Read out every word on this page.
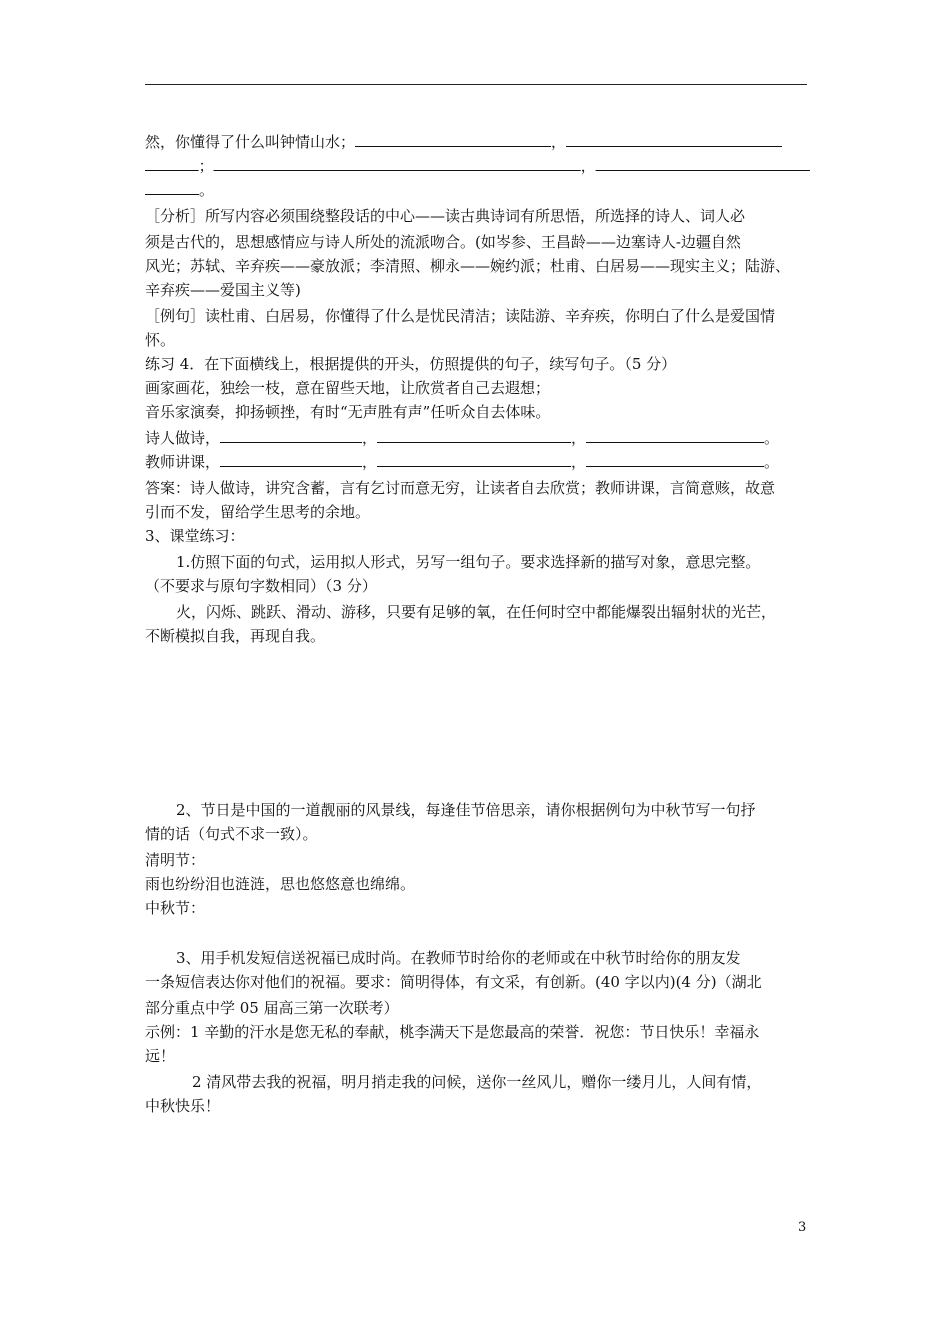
然，你懂得了什么叫钟情山水；	，
；	，
。
［分析］所写内容必须围绕整段话的中心——读古典诗词有所思悟，所选择的诗人、词人必
须是古代的，思想感情应与诗人所处的流派吻合。(如岑参、王昌龄——边塞诗人-边疆自然
风光；苏轼、辛弃疾——豪放派；李清照、柳永——婉约派；杜甫、白居易——现实主义；陆游、
辛弃疾——爱国主义等)
［例句］读杜甫、白居易，你懂得了什么是忧民清洁；读陆游、辛弃疾，你明白了什么是爱国情
怀。
练习 4．在下面横线上，根据提供的开头，仿照提供的句子，续写句子。（5 分）
画家画花，独绘一枝，意在留些天地，让欣赏者自己去遐想；
音乐家演奏，抑扬顿挫，有时“无声胜有声”任听众自去体味。
诗人做诗，	，	，	。
教师讲课，	，	，	。
答案：诗人做诗，讲究含蓄，言有乞讨而意无穷，让读者自去欣赏；教师讲课，言简意赅，故意
引而不发，留给学生思考的余地。
3、课堂练习：
1.仿照下面的句式，运用拟人形式，另写一组句子。要求选择新的描写对象，意思完整。
（不要求与原句字数相同）（3 分）
火，闪烁、跳跃、滑动、游移，只要有足够的氧，在任何时空中都能爆裂出辐射状的光芒，
不断模拟自我，再现自我。
2、节日是中国的一道靓丽的风景线，每逢佳节倍思亲，请你根据例句为中秋节写一句抒
情的话（句式不求一致）。
清明节：
雨也纷纷泪也涟涟，思也悠悠意也绵绵。
中秋节：
3、用手机发短信送祝福已成时尚。在教师节时给你的老师或在中秋节时给你的朋友发
一条短信表达你对他们的祝福。要求：简明得体，有文采，有创新。(40 字以内)(4 分)（湖北
部分重点中学 05 届高三第一次联考）
示例：1 辛勤的汗水是您无私的奉献，桃李满天下是您最高的荣誉．祝您：节日快乐！幸福永
远！
2 清风带去我的祝福，明月捎走我的问候，送你一丝风儿，赠你一缕月儿，人间有情，
中秋快乐！
3
